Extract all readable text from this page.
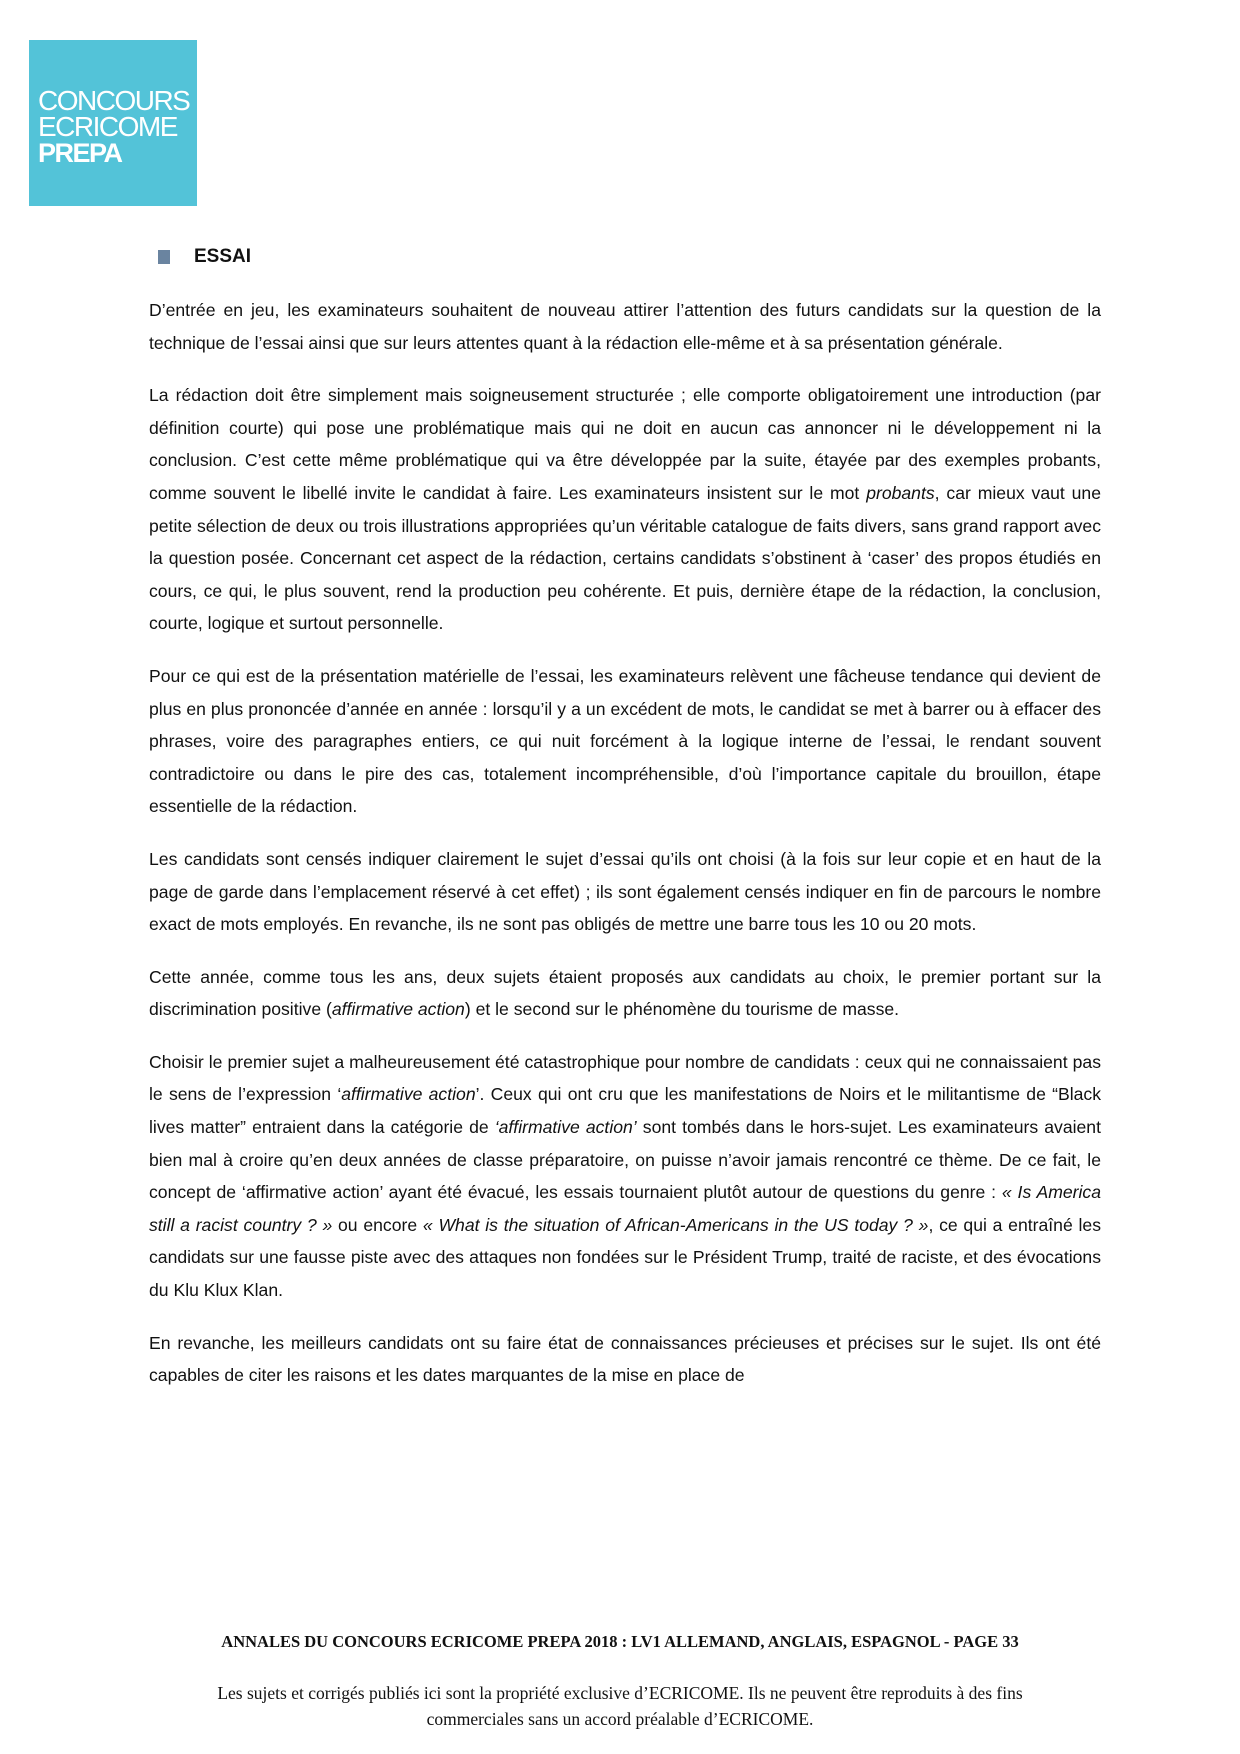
CONCOURS
ECRICOME
PREPA
ESSAI

D’entrée en jeu, les examinateurs souhaitent de nouveau attirer l’attention des futurs candidats sur la question de la technique de l’essai ainsi que sur leurs attentes quant à la rédaction elle-même et à sa présentation générale.

La rédaction doit être simplement mais soigneusement structurée ; elle comporte obligatoirement une introduction (par définition courte) qui pose une problématique mais qui ne doit en aucun cas annoncer ni le développement ni la conclusion. C’est cette même problématique qui va être développée par la suite, étayée par des exemples probants, comme souvent le libellé invite le candidat à faire. Les examinateurs insistent sur le mot probants, car mieux vaut une petite sélection de deux ou trois illustrations appropriées qu’un véritable catalogue de faits divers, sans grand rapport avec la question posée. Concernant cet aspect de la rédaction, certains candidats s’obstinent à ‘caser’ des propos étudiés en cours, ce qui, le plus souvent, rend la production peu cohérente. Et puis, dernière étape de la rédaction, la conclusion, courte, logique et surtout personnelle.

Pour ce qui est de la présentation matérielle de l’essai, les examinateurs relèvent une fâcheuse tendance qui devient de plus en plus prononcée d’année en année : lorsqu’il y a un excédent de mots, le candidat se met à barrer ou à effacer des phrases, voire des paragraphes entiers, ce qui nuit forcément à la logique interne de l’essai, le rendant souvent contradictoire ou dans le pire des cas, totalement incompréhensible, d’où l’importance capitale du brouillon, étape essentielle de la rédaction.

Les candidats sont censés indiquer clairement le sujet d’essai qu’ils ont choisi (à la fois sur leur copie et en haut de la page de garde dans l’emplacement réservé à cet effet) ; ils sont également censés indiquer en fin de parcours le nombre exact de mots employés. En revanche, ils ne sont pas obligés de mettre une barre tous les 10 ou 20 mots.

Cette année, comme tous les ans, deux sujets étaient proposés aux candidats au choix, le premier portant sur la discrimination positive (affirmative action) et le second sur le phénomène du tourisme de masse.

Choisir le premier sujet a malheureusement été catastrophique pour nombre de candidats : ceux qui ne connaissaient pas le sens de l’expression ‘affirmative action’. Ceux qui ont cru que les manifestations de Noirs et le militantisme de “Black lives matter” entraient dans la catégorie de ‘affirmative action’ sont tombés dans le hors-sujet. Les examinateurs avaient bien mal à croire qu’en deux années de classe préparatoire, on puisse n’avoir jamais rencontré ce thème. De ce fait, le concept de ‘affirmative action’ ayant été évacué, les essais tournaient plutôt autour de questions du genre : « Is America still a racist country ? » ou encore « What is the situation of African-Americans in the US today ? », ce qui a entraîné les candidats sur une fausse piste avec des attaques non fondées sur le Président Trump, traité de raciste, et des évocations du Klu Klux Klan.

En revanche, les meilleurs candidats ont su faire état de connaissances précieuses et précises sur le sujet. Ils ont été capables de citer les raisons et les dates marquantes de la mise en place de

ANNALES DU CONCOURS ECRICOME PREPA 2018 : LV1 ALLEMAND, ANGLAIS, ESPAGNOL - PAGE 33
Les sujets et corrigés publiés ici sont la propriété exclusive d’ECRICOME. Ils ne peuvent être reproduits à des fins commerciales sans un accord préalable d’ECRICOME.
